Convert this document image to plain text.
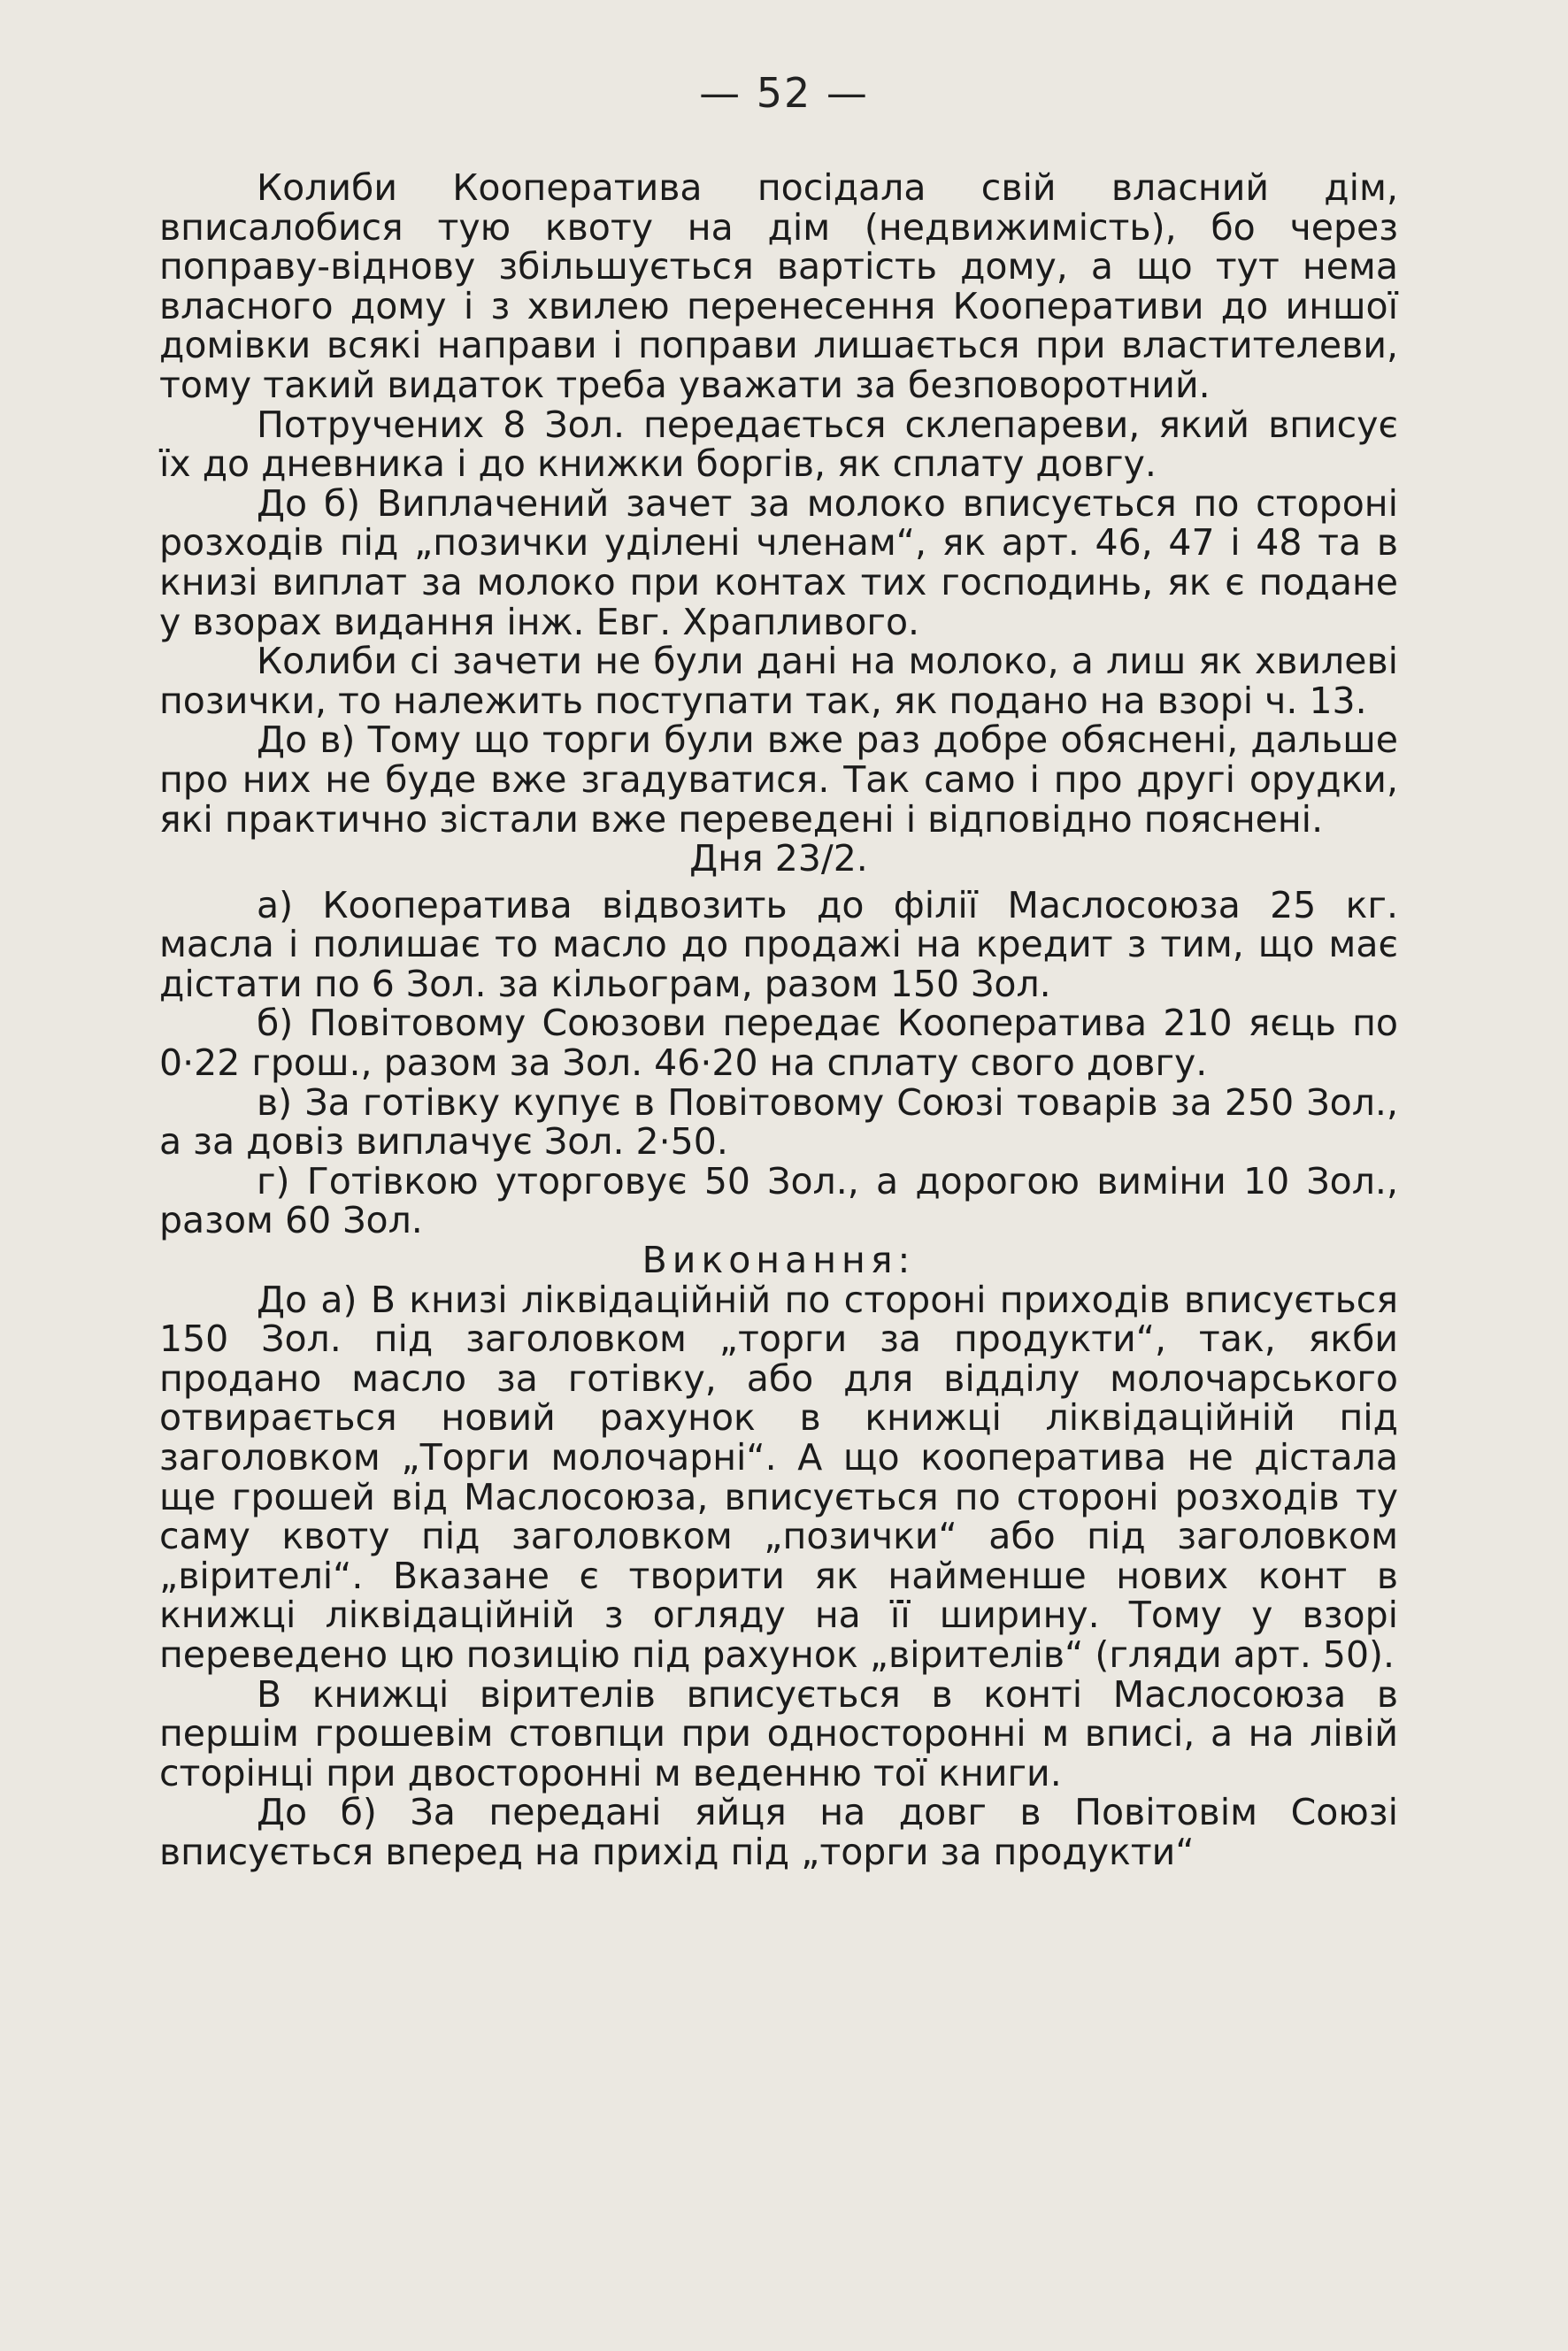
— 52 —

Колиби Кооператива посідала свій власний дім, вписалобися тую квоту на дім (недвижимість), бо через поправу-віднову збільшується вартість дому, а що тут нема власного дому і з хвилею перенесення Кооперативи до иншої домівки всякі направи і поправи лишається при властителеви, тому такий видаток треба уважати за безповоротний.

Потручених 8 Зол. передається склепареви, який вписує їх до дневника і до книжки боргів, як сплату довгу.

До б) Виплачений зачет за молоко вписується по стороні розходів під „позички уділені членам“, як арт. 46, 47 і 48 та в книзі виплат за молоко при контах тих господинь, як є подане у взорах видання інж. Евг. Храпливого.

Колиби сі зачети не були дані на молоко, а лиш як хвилеві позички, то належить поступати так, як подано на взорі ч. 13.

До в) Тому що торги були вже раз добре обяснені, дальше про них не буде вже згадуватися. Так само і про другі орудки, які практично зістали вже переведені і відповідно пояснені.

Дня 23/2.

а) Кооператива відвозить до філії Маслосоюза 25 кг. масла і полишає то масло до продажі на кредит з тим, що має дістати по 6 Зол. за кільограм, разом 150 Зол.

б) Повітовому Союзови передає Кооператива 210 яєць по 0·22 грош., разом за Зол. 46·20 на сплату свого довгу.

в) За готівку купує в Повітовому Союзі товарів за 250 Зол., а за довіз виплачує Зол. 2·50.

г) Готівкою уторговує 50 Зол., а дорогою виміни 10 Зол., разом 60 Зол.

Виконання:

До а) В книзі ліквідаційній по стороні приходів вписується 150 Зол. під заголовком „торги за продукти“, так, якби продано масло за готівку, або для відділу молочарського отвирається новий рахунок в книжці ліквідаційній під заголовком „Торги молочарні“. А що кооператива не дістала ще грошей від Маслосоюза, вписується по стороні розходів ту саму квоту під заголовком „позички“ або під заголовком „вірителі“. Вказане є творити як найменше нових конт в книжці ліквідаційній з огляду на її ширину. Тому у взорі переведено цю позицію під рахунок „вірителів“ (гляди арт. 50).

В книжці вірителів вписується в конті Маслосоюза в першім грошевім стовпци при односторонні м вписі, а на лівій сторінці при двосторонні м веденню тої книги.

До б) За передані яйця на довг в Повітовім Союзі вписується вперед на прихід під „торги за продукти“
